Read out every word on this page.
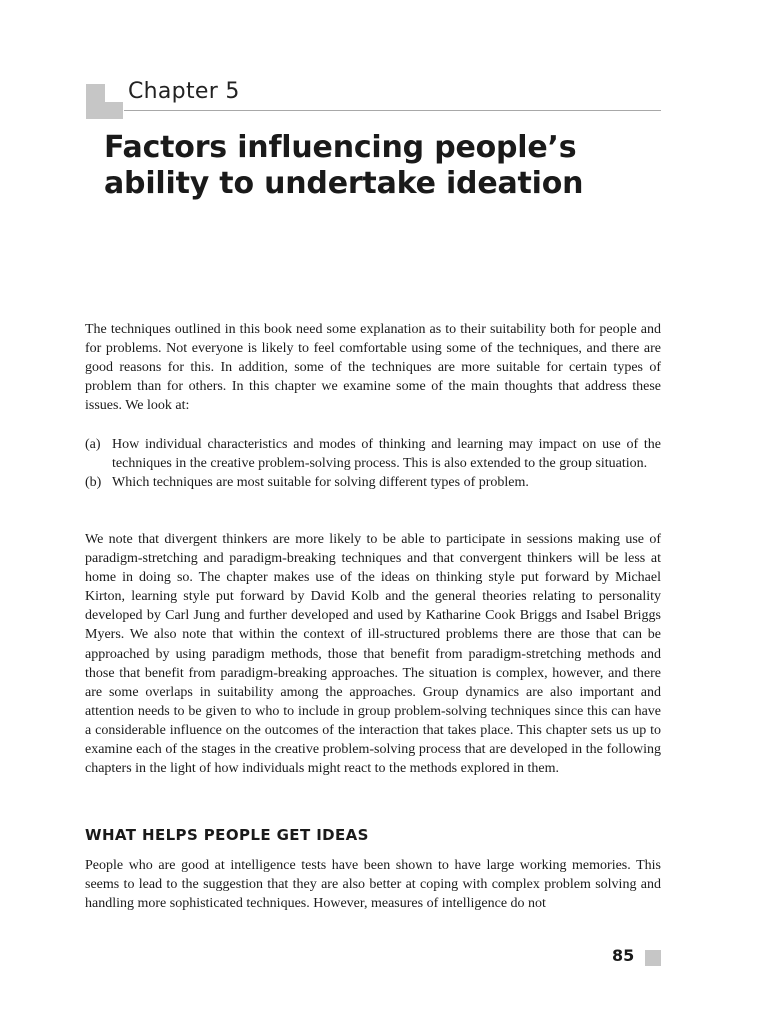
Chapter 5
Factors influencing people’s ability to undertake ideation

The techniques outlined in this book need some explanation as to their suitability both for people and for problems. Not everyone is likely to feel comfortable using some of the techniques, and there are good reasons for this. In addition, some of the techniques are more suitable for certain types of problem than for others. In this chapter we examine some of the main thoughts that address these issues. We look at:

(a) How individual characteristics and modes of thinking and learning may impact on use of the techniques in the creative problem-solving process. This is also extended to the group situation.
(b) Which techniques are most suitable for solving different types of problem.

We note that divergent thinkers are more likely to be able to participate in sessions making use of paradigm-stretching and paradigm-breaking techniques and that convergent thinkers will be less at home in doing so. The chapter makes use of the ideas on thinking style put forward by Michael Kirton, learning style put forward by David Kolb and the general theories relating to personality developed by Carl Jung and further developed and used by Katharine Cook Briggs and Isabel Briggs Myers. We also note that within the context of ill-structured problems there are those that can be approached by using paradigm methods, those that benefit from paradigm-stretching methods and those that benefit from paradigm-breaking approaches. The situation is complex, however, and there are some overlaps in suitability among the approaches. Group dynamics are also important and attention needs to be given to who to include in group problem-solving techniques since this can have a considerable influence on the outcomes of the interaction that takes place. This chapter sets us up to examine each of the stages in the creative problem-solving process that are developed in the following chapters in the light of how individuals might react to the methods explored in them.

WHAT HELPS PEOPLE GET IDEAS

People who are good at intelligence tests have been shown to have large working memories. This seems to lead to the suggestion that they are also better at coping with complex problem solving and handling more sophisticated techniques. However, measures of intelligence do not

85
